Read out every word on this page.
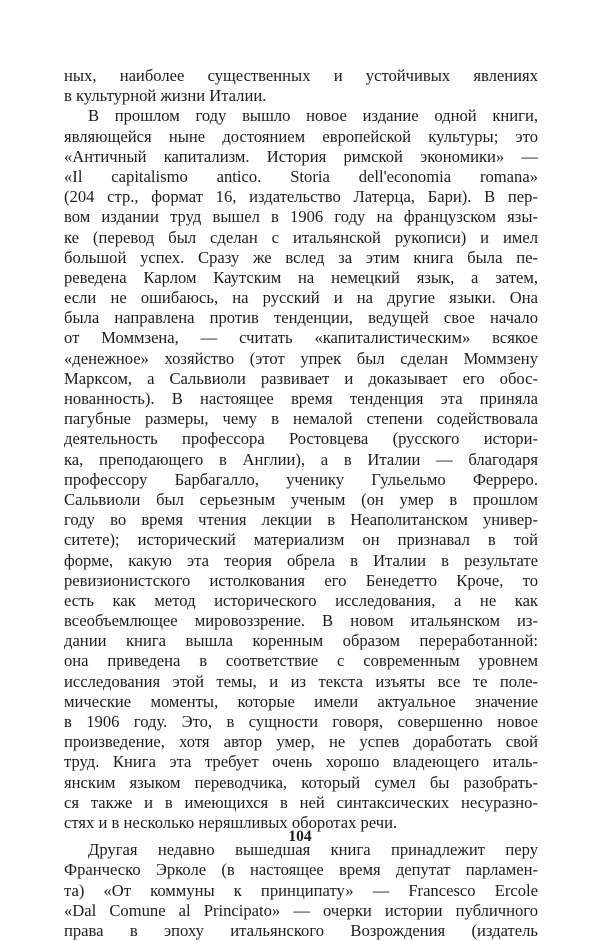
ных, наиболее существенных и устойчивых явлениях
в культурной жизни Италии.
В прошлом году вышло новое издание одной книги,
являющейся ныне достоянием европейской культуры; это
«Античный капитализм. История римской экономики» —
«Il capitalismo antico. Storia dell'economia romana»
(204 стр., формат 16, издательство Латерца, Бари). В пер-
вом издании труд вышел в 1906 году на французском язы-
ке (перевод был сделан с итальянской рукописи) и имел
большой успех. Сразу же вслед за этим книга была пе-
реведена Карлом Каутским на немецкий язык, а затем,
если не ошибаюсь, на русский и на другие языки. Она
была направлена против тенденции, ведущей свое начало
от Моммзена, — считать «капиталистическим» всякое
«денежное» хозяйство (этот упрек был сделан Моммзену
Марксом, а Сальвиоли развивает и доказывает его обос-
нованность). В настоящее время тенденция эта приняла
пагубные размеры, чему в немалой степени содействовала
деятельность профессора Ростовцева (русского истори-
ка, преподающего в Англии), а в Италии — благодаря
профессору Барбагалло, ученику Гульельмо Ферреро.
Сальвиоли был серьезным ученым (он умер в прошлом
году во время чтения лекции в Неаполитанском универ-
ситете); исторический материализм он признавал в той
форме, какую эта теория обрела в Италии в результате
ревизионистского истолкования его Бенедетто Кроче, то
есть как метод исторического исследования, а не как
всеобъемлющее мировоззрение. В новом итальянском из-
дании книга вышла коренным образом переработанной:
она приведена в соответствие с современным уровнем
исследования этой темы, и из текста изъяты все те поле-
мические моменты, которые имели актуальное значение
в 1906 году. Это, в сущности говоря, совершенно новое
произведение, хотя автор умер, не успев доработать свой
труд. Книга эта требует очень хорошо владеющего италь-
янским языком переводчика, который сумел бы разобрать-
ся также и в имеющихся в ней синтаксических несуразно-
стях и в несколько неряшливых оборотах речи.
Другая недавно вышедшая книга принадлежит перу
Франческо Эрколе (в настоящее время депутат парламен-
та) «От коммуны к принципату» — Francesco Ercole
«Dal Comune al Principato» — очерки истории публичного
права в эпоху итальянского Возрождения (издатель
104
